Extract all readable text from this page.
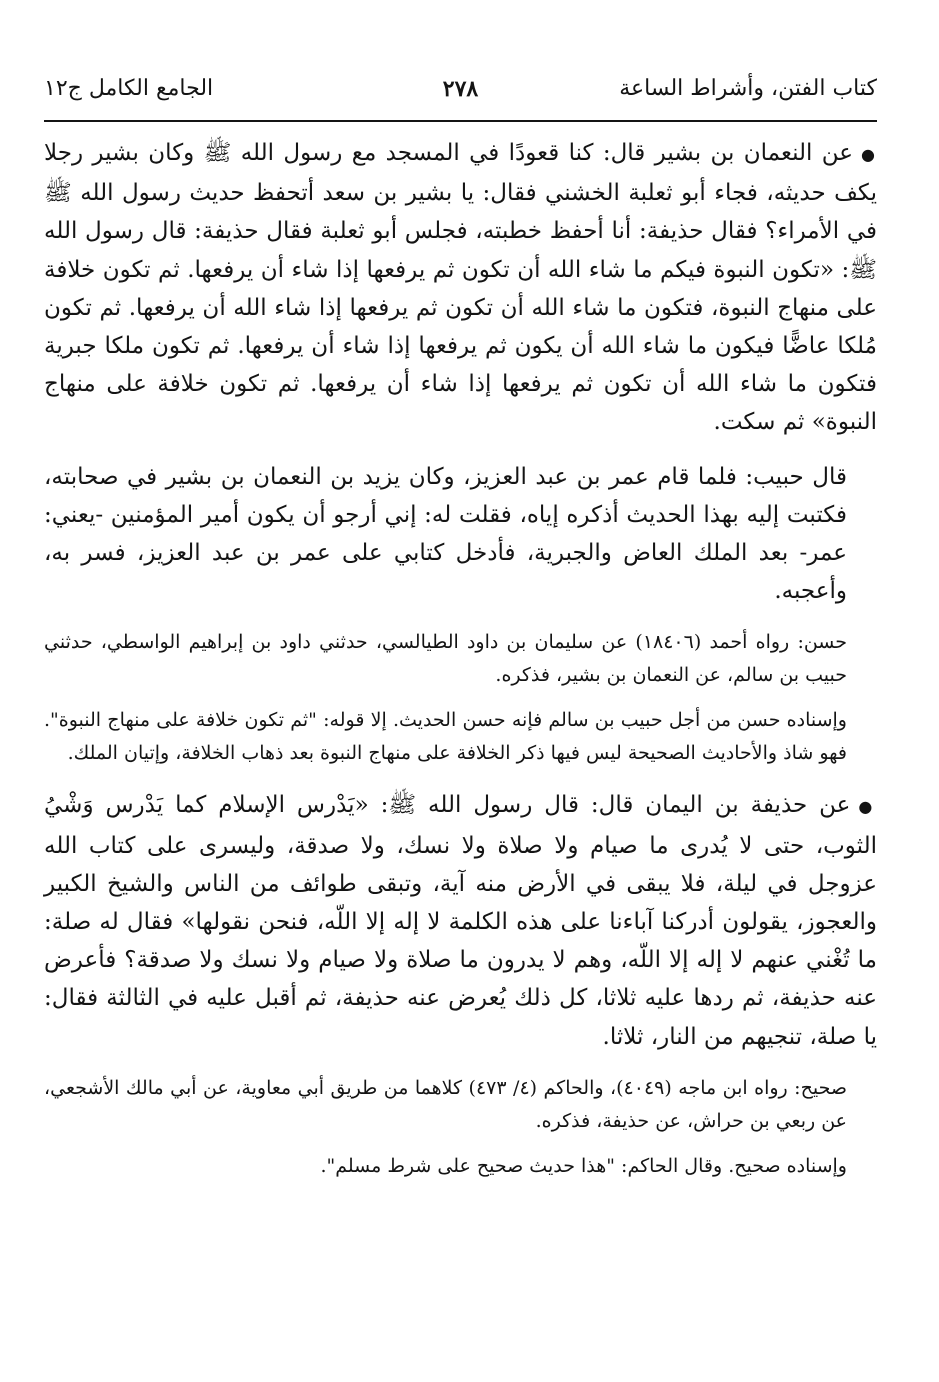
كتاب الفتن، وأشراط الساعة
٢٧٨
الجامع الكامل ج١٢

●عن النعمان بن بشير قال: كنا قعودًا في المسجد مع رسول الله ﷺ وكان بشير رجلا يكف حديثه، فجاء أبو ثعلبة الخشني فقال: يا بشير بن سعد أتحفظ حديث رسول الله ﷺ في الأمراء؟ فقال حذيفة: أنا أحفظ خطبته، فجلس أبو ثعلبة فقال حذيفة: قال رسول الله ﷺ: «تكون النبوة فيكم ما شاء الله أن تكون ثم يرفعها إذا شاء أن يرفعها. ثم تكون خلافة على منهاج النبوة، فتكون ما شاء الله أن تكون ثم يرفعها إذا شاء الله أن يرفعها. ثم تكون مُلكا عاضًّا فيكون ما شاء الله أن يكون ثم يرفعها إذا شاء أن يرفعها. ثم تكون ملكا جبرية فتكون ما شاء الله أن تكون ثم يرفعها إذا شاء أن يرفعها. ثم تكون خلافة على منهاج النبوة» ثم سكت.

قال حبيب: فلما قام عمر بن عبد العزيز، وكان يزيد بن النعمان بن بشير في صحابته، فكتبت إليه بهذا الحديث أذكره إياه، فقلت له: إني أرجو أن يكون أمير المؤمنين -يعني: عمر- بعد الملك العاض والجبرية، فأدخل كتابي على عمر بن عبد العزيز، فسر به، وأعجبه.

حسن: رواه أحمد (١٨٤٠٦) عن سليمان بن داود الطيالسي، حدثني داود بن إبراهيم الواسطي، حدثني حبيب بن سالم، عن النعمان بن بشير، فذكره.

وإسناده حسن من أجل حبيب بن سالم فإنه حسن الحديث. إلا قوله: "ثم تكون خلافة على منهاج النبوة". فهو شاذ والأحاديث الصحيحة ليس فيها ذكر الخلافة على منهاج النبوة بعد ذهاب الخلافة، وإتيان الملك.

●عن حذيفة بن اليمان قال: قال رسول الله ﷺ: «يَدْرس الإسلام كما يَدْرس وَشْيُ الثوب، حتى لا يُدرى ما صيام ولا صلاة ولا نسك، ولا صدقة، وليسرى على كتاب الله عزوجل في ليلة، فلا يبقى في الأرض منه آية، وتبقى طوائف من الناس والشيخ الكبير والعجوز، يقولون أدركنا آباءنا على هذه الكلمة لا إله إلا اللّه، فنحن نقولها» فقال له صلة: ما تُغْني عنهم لا إله إلا اللّه، وهم لا يدرون ما صلاة ولا صيام ولا نسك ولا صدقة؟ فأعرض عنه حذيفة، ثم ردها عليه ثلاثا، كل ذلك يُعرض عنه حذيفة، ثم أقبل عليه في الثالثة فقال: يا صلة، تنجيهم من النار، ثلاثا.

صحيح: رواه ابن ماجه (٤٠٤٩)، والحاكم (٤/ ٤٧٣) كلاهما من طريق أبي معاوية، عن أبي مالك الأشجعي، عن ربعي بن حراش، عن حذيفة، فذكره.

وإسناده صحيح. وقال الحاكم: "هذا حديث صحيح على شرط مسلم".
